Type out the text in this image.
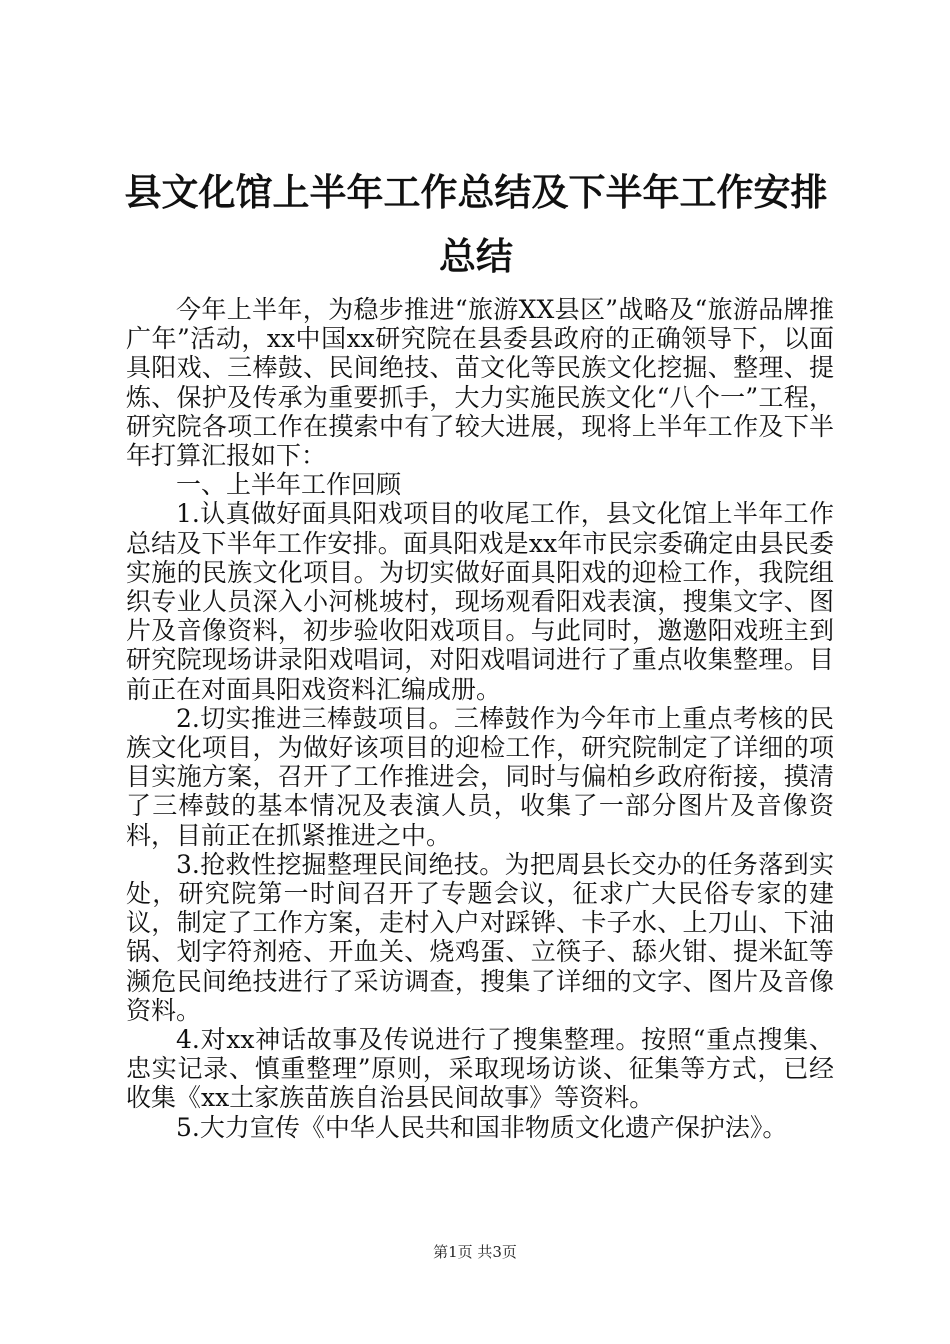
县文化馆上半年工作总结及下半年工作安排总结

今年上半年，为稳步推进“旅游XX县区”战略及“旅游品牌推广年”活动，xx中国xx研究院在县委县政府的正确领导下，以面具阳戏、三棒鼓、民间绝技、苗文化等民族文化挖掘、整理、提炼、保护及传承为重要抓手，大力实施民族文化“八个一”工程，研究院各项工作在摸索中有了较大进展，现将上半年工作及下半年打算汇报如下：

一、上半年工作回顾

1.认真做好面具阳戏项目的收尾工作，县文化馆上半年工作总结及下半年工作安排。面具阳戏是xx年市民宗委确定由县民委实施的民族文化项目。为切实做好面具阳戏的迎检工作，我院组织专业人员深入小河桃坡村，现场观看阳戏表演，搜集文字、图片及音像资料，初步验收阳戏项目。与此同时，邀邀阳戏班主到研究院现场讲录阳戏唱词，对阳戏唱词进行了重点收集整理。目前正在对面具阳戏资料汇编成册。

2.切实推进三棒鼓项目。三棒鼓作为今年市上重点考核的民族文化项目，为做好该项目的迎检工作，研究院制定了详细的项目实施方案，召开了工作推进会，同时与偏柏乡政府衔接，摸清了三棒鼓的基本情况及表演人员，收集了一部分图片及音像资料，目前正在抓紧推进之中。

3.抢救性挖掘整理民间绝技。为把周县长交办的任务落到实处，研究院第一时间召开了专题会议，征求广大民俗专家的建议，制定了工作方案，走村入户对踩铧、卡子水、上刀山、下油锅、划字符剂疮、开血关、烧鸡蛋、立筷子、舔火钳、提米缸等濒危民间绝技进行了采访调查，搜集了详细的文字、图片及音像资料。

4.对xx神话故事及传说进行了搜集整理。按照“重点搜集、忠实记录、慎重整理”原则，采取现场访谈、征集等方式，已经收集《xx土家族苗族自治县民间故事》等资料。

5.大力宣传《中华人民共和国非物质文化遗产保护法》。

第1页 共3页
